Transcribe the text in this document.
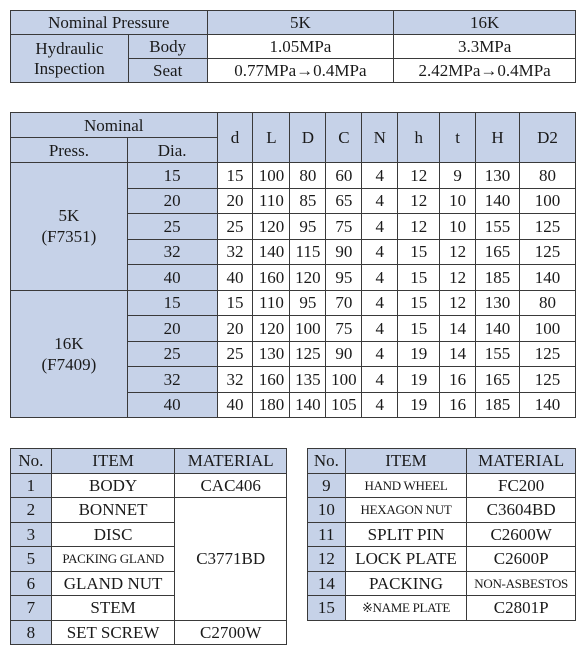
Nominal Pressure		5K	16K
Hydraulic Inspection	Body	1.05MPa	3.3MPa
	Seat	0.77MPa→0.4MPa	2.42MPa→0.4MPa
Nominal		d	L	D	C	N	h	t	H	D2
Press.	Dia.									

5K
(F7351)	15	15	100	80	60	4	12	9	130	80
	20	20	110	85	65	4	12	10	140	100
	25	25	120	95	75	4	12	10	155	125
	32	32	140	115	90	4	15	12	165	125
	40	40	160	120	95	4	15	12	185	140

16K
(F7409)	15	15	110	95	70	4	15	12	130	80
	20	20	120	100	75	4	15	14	140	100
	25	25	130	125	90	4	19	14	155	125
	32	32	160	135	100	4	19	16	165	125
	40	40	180	140	105	4	19	16	185	140
No.	ITEM	MATERIAL
1	BODY	CAC406
2	BONNET	C3771BD
3	DISC	
5	PACKING GLAND	
6	GLAND NUT	
7	STEM	
8	SET SCREW	C2700W
No.	ITEM	MATERIAL
9	HAND WHEEL	FC200
10	HEXAGON NUT	C3604BD
11	SPLIT PIN	C2600W
12	LOCK PLATE	C2600P
14	PACKING	NON-ASBESTOS
15	※NAME PLATE	C2801P
